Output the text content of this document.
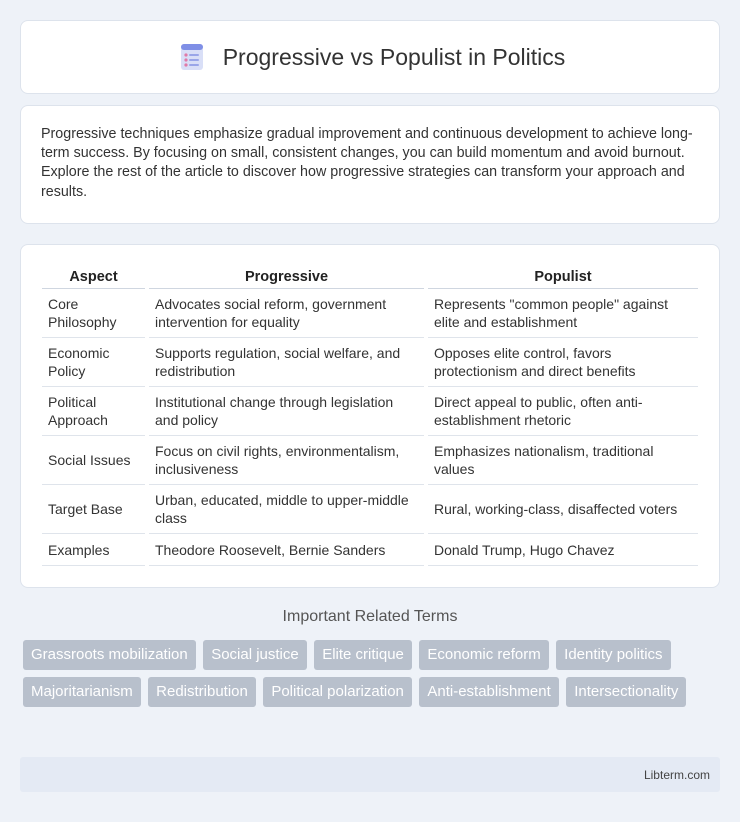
Progressive vs Populist in Politics

Progressive techniques emphasize gradual improvement and continuous development to achieve long-term success. By focusing on small, consistent changes, you can build momentum and avoid burnout. Explore the rest of the article to discover how progressive strategies can transform your approach and results.

Aspect	Progressive	Populist
Core Philosophy	Advocates social reform, government intervention for equality	Represents "common people" against elite and establishment
Economic Policy	Supports regulation, social welfare, and redistribution	Opposes elite control, favors protectionism and direct benefits
Political Approach	Institutional change through legislation and policy	Direct appeal to public, often anti-establishment rhetoric
Social Issues	Focus on civil rights, environmentalism, inclusiveness	Emphasizes nationalism, traditional values
Target Base	Urban, educated, middle to upper-middle class	Rural, working-class, disaffected voters
Examples	Theodore Roosevelt, Bernie Sanders	Donald Trump, Hugo Chavez
Important Related Terms
Grassroots mobilization Social justice Elite critique Economic reform Identity politics Majoritarianism Redistribution Political polarization Anti-establishment Intersectionality
Libterm.com
